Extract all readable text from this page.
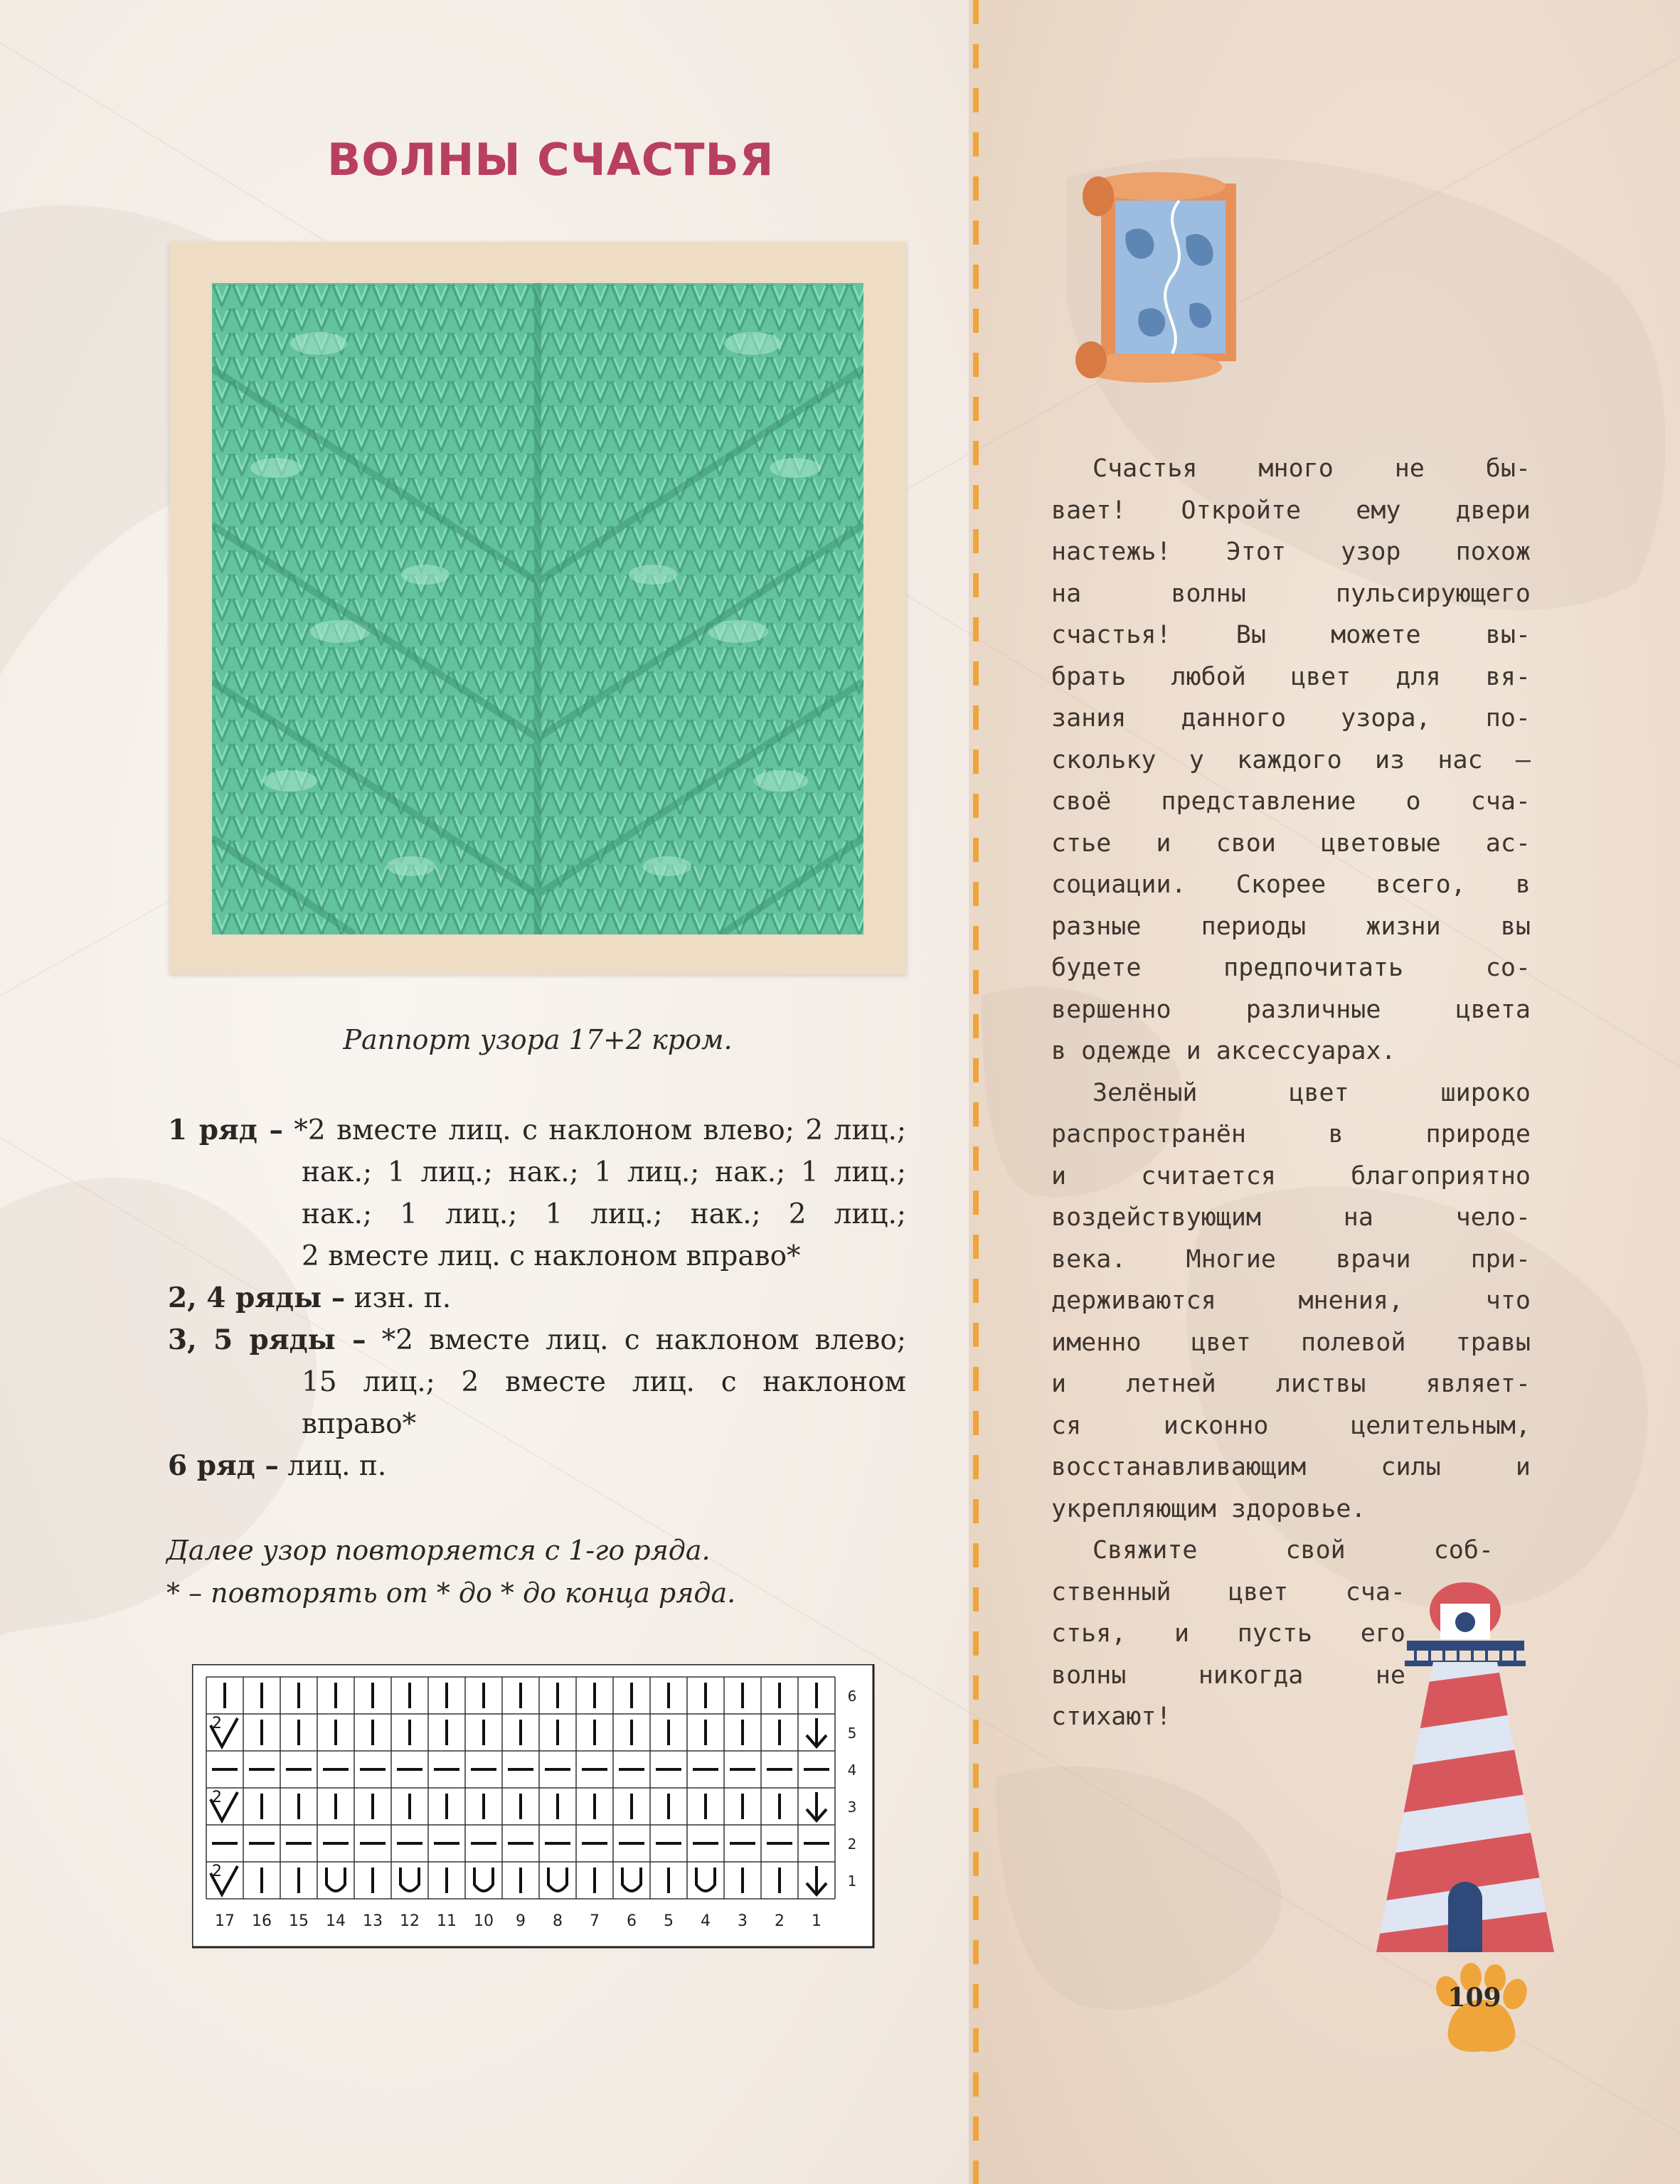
ВОЛНЫ СЧАСТЬЯ
Раппорт узора 17+2 кром.
1 ряд – *2 вместе лиц. с наклоном влево; 2 лиц.;
нак.; 1 лиц.; нак.; 1 лиц.; нак.; 1 лиц.;
нак.; 1 лиц.; 1 лиц.; нак.; 2 лиц.;
2 вместе лиц. с наклоном вправо*
2, 4 ряды – изн. п.
3, 5 ряды – *2 вместе лиц. с наклоном влево;
15 лиц.; 2 вместе лиц. с наклоном
вправо*
6 ряд – лиц. п.
Далее узор повторяется с 1-го ряда.
* – повторять от * до * до конца ряда.
2
2
2
6
5
4
3
2
1
17 16 15 14 13 12 11 10 9 8 7 6 5 4 3 2 1
109

Счастья много не бы-
вает! Откройте ему двери
настежь! Этот узор похож
на волны пульсирующего
счастья! Вы можете вы-
брать любой цвет для вя-
зания данного узора, по-
скольку у каждого из нас –
своё представление о сча-
стье и свои цветовые ас-
социации. Скорее всего, в
разные периоды жизни вы
будете предпочитать со-
вершенно различные цвета
в одежде и аксессуарах.

Зелёный цвет широко
распространён в природе
и считается благоприятно
воздействующим на чело-
века. Многие врачи при-
держиваются мнения, что
именно цвет полевой травы
и летней листвы являет-
ся исконно целительным,
восстанавливающим силы и
укрепляющим здоровье.

Свяжите свой соб-
ственный цвет сча-
стья, и пусть его
волны никогда не
стихают!
